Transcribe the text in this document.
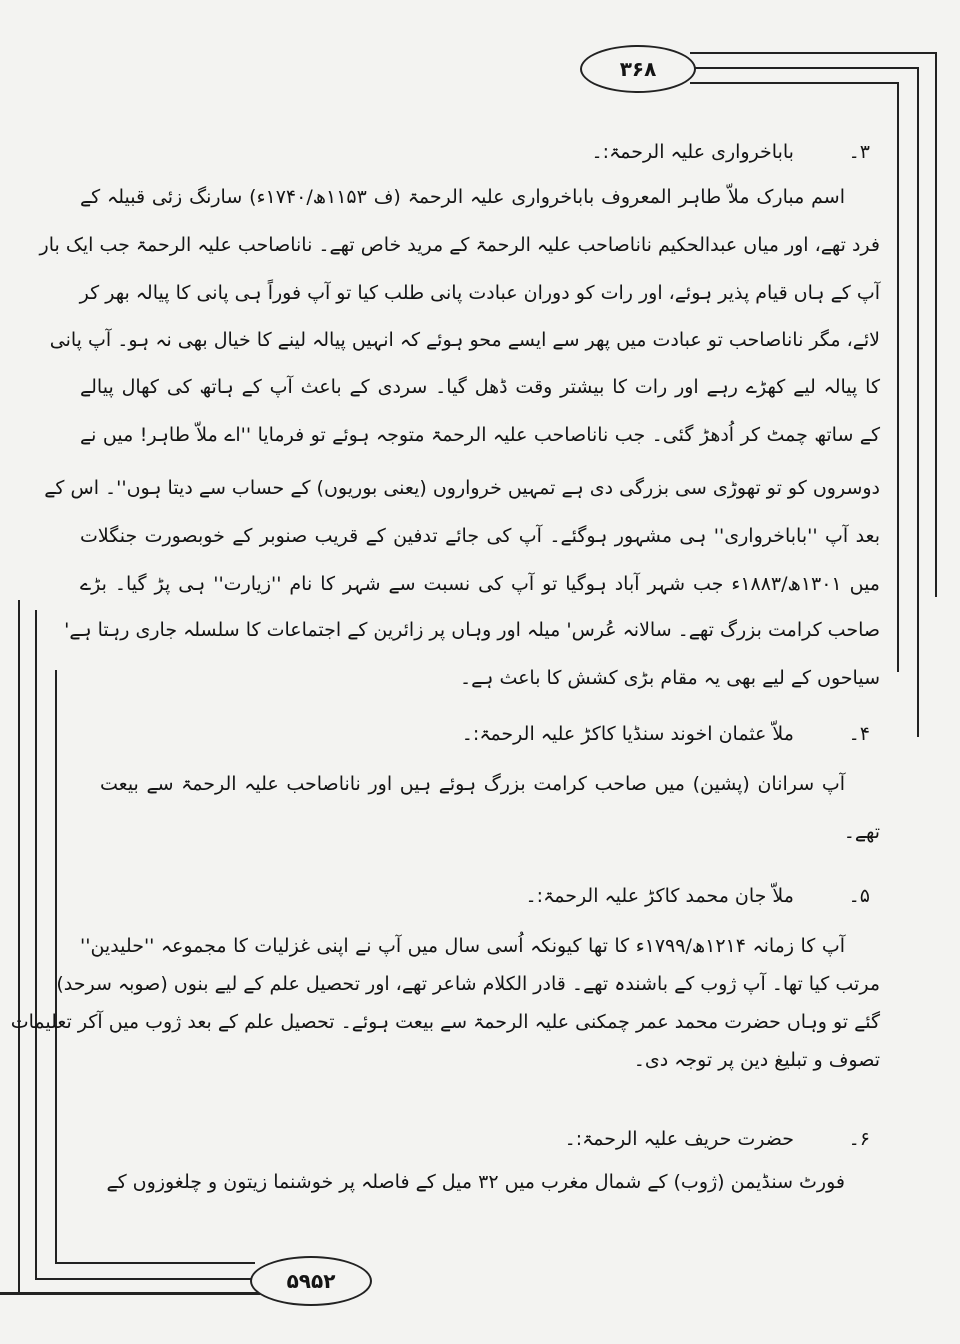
۳۶۸
۵۹۵۲
۳۔ باباخرواری علیہ الرحمۃ:۔
اسم مبارک ملاّ طاہر المعروف باباخرواری علیہ الرحمۃ (ف ۱۱۵۳ھ/۱۷۴۰ء) سارنگ زئی قبیلہ کے
فرد تھے، اور میاں عبدالحکیم ناناصاحب علیہ الرحمۃ کے مرید خاص تھے۔ ناناصاحب علیہ الرحمۃ جب ایک بار
آپ کے ہاں قیام پذیر ہوئے، اور رات کو دوران عبادت پانی طلب کیا تو آپ فوراً ہی پانی کا پیالہ بھر کر
لائے، مگر ناناصاحب تو عبادت میں پھر سے ایسے محو ہوئے کہ انہیں پیالہ لینے کا خیال بھی نہ ہو۔ آپ پانی
کا پیالہ لیے کھڑے رہے اور رات کا بیشتر وقت ڈھل گیا۔ سردی کے باعث آپ کے ہاتھ کی کھال پیالے
کے ساتھ چمٹ کر اُدھڑ گئی۔ جب ناناصاحب علیہ الرحمۃ متوجہ ہوئے تو فرمایا ''اے ملاّ طاہر! میں نے
دوسروں کو تو تھوڑی سی بزرگی دی ہے تمہیں خرواروں (یعنی بوریوں) کے حساب سے دیتا ہوں''۔ اس کے
بعد آپ ''باباخرواری'' ہی مشہور ہوگئے۔ آپ کی جائے تدفین کے قریب صنوبر کے خوبصورت جنگلات
میں ۱۳۰۱ھ/۱۸۸۳ء جب شہر آباد ہوگیا تو آپ کی نسبت سے شہر کا نام ''زیارت'' ہی پڑ گیا۔ بڑے
صاحب کرامت بزرگ تھے۔ سالانہ عُرس' میلہ اور وہاں پر زائرین کے اجتماعات کا سلسلہ جاری رہتا ہے'
سیاحوں کے لیے بھی یہ مقام بڑی کشش کا باعث ہے۔
۴۔ ملاّ عثمان اخوند سنڈیا کاکڑ علیہ الرحمۃ:۔
آپ سرانان (پشین) میں صاحب کرامت بزرگ ہوئے ہیں اور ناناصاحب علیہ الرحمۃ سے بیعت
تھے۔
۵۔ ملاّ جان محمد کاکڑ علیہ الرحمۃ:۔
آپ کا زمانہ ۱۲۱۴ھ/۱۷۹۹ء کا تھا کیونکہ اُسی سال میں آپ نے اپنی غزلیات کا مجموعہ ''حلیدین''
مرتب کیا تھا۔ آپ ژوب کے باشندہ تھے۔ قادر الکلام شاعر تھے، اور تحصیل علم کے لیے بنوں (صوبہ سرحد)
گئے تو وہاں حضرت محمد عمر چمکنی علیہ الرحمۃ سے بیعت ہوئے۔ تحصیل علم کے بعد ژوب میں آکر تعلیمات
تصوف و تبلیغ دین پر توجہ دی۔
۶۔ حضرت حریف علیہ الرحمۃ:۔
فورٹ سنڈیمن (ژوب) کے شمال مغرب میں ۳۲ میل کے فاصلہ پر خوشنما زیتون و چلغوزوں کے
